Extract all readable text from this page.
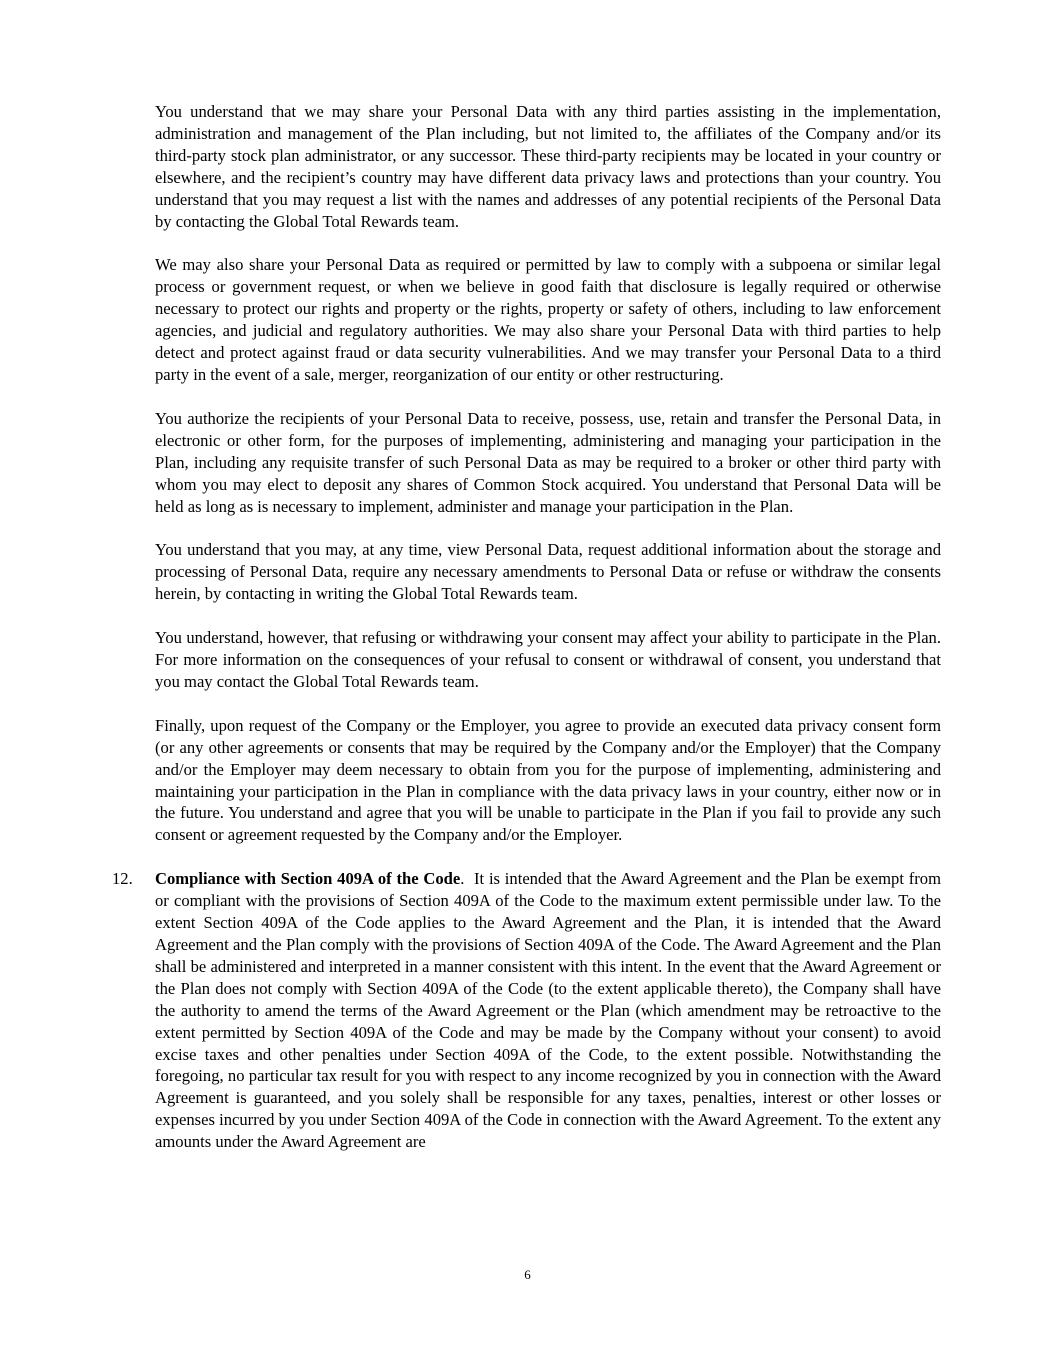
You understand that we may share your Personal Data with any third parties assisting in the implementation, administration and management of the Plan including, but not limited to, the affiliates of the Company and/or its third-party stock plan administrator, or any successor. These third-party recipients may be located in your country or elsewhere, and the recipient’s country may have different data privacy laws and protections than your country. You understand that you may request a list with the names and addresses of any potential recipients of the Personal Data by contacting the Global Total Rewards team.

We may also share your Personal Data as required or permitted by law to comply with a subpoena or similar legal process or government request, or when we believe in good faith that disclosure is legally required or otherwise necessary to protect our rights and property or the rights, property or safety of others, including to law enforcement agencies, and judicial and regulatory authorities. We may also share your Personal Data with third parties to help detect and protect against fraud or data security vulnerabilities. And we may transfer your Personal Data to a third party in the event of a sale, merger, reorganization of our entity or other restructuring.

You authorize the recipients of your Personal Data to receive, possess, use, retain and transfer the Personal Data, in electronic or other form, for the purposes of implementing, administering and managing your participation in the Plan, including any requisite transfer of such Personal Data as may be required to a broker or other third party with whom you may elect to deposit any shares of Common Stock acquired. You understand that Personal Data will be held as long as is necessary to implement, administer and manage your participation in the Plan.

You understand that you may, at any time, view Personal Data, request additional information about the storage and processing of Personal Data, require any necessary amendments to Personal Data or refuse or withdraw the consents herein, by contacting in writing the Global Total Rewards team.

You understand, however, that refusing or withdrawing your consent may affect your ability to participate in the Plan. For more information on the consequences of your refusal to consent or withdrawal of consent, you understand that you may contact the Global Total Rewards team.

Finally, upon request of the Company or the Employer, you agree to provide an executed data privacy consent form (or any other agreements or consents that may be required by the Company and/or the Employer) that the Company and/or the Employer may deem necessary to obtain from you for the purpose of implementing, administering and maintaining your participation in the Plan in compliance with the data privacy laws in your country, either now or in the future. You understand and agree that you will be unable to participate in the Plan if you fail to provide any such consent or agreement requested by the Company and/or the Employer.

12. Compliance with Section 409A of the Code. It is intended that the Award Agreement and the Plan be exempt from or compliant with the provisions of Section 409A of the Code to the maximum extent permissible under law. To the extent Section 409A of the Code applies to the Award Agreement and the Plan, it is intended that the Award Agreement and the Plan comply with the provisions of Section 409A of the Code. The Award Agreement and the Plan shall be administered and interpreted in a manner consistent with this intent. In the event that the Award Agreement or the Plan does not comply with Section 409A of the Code (to the extent applicable thereto), the Company shall have the authority to amend the terms of the Award Agreement or the Plan (which amendment may be retroactive to the extent permitted by Section 409A of the Code and may be made by the Company without your consent) to avoid excise taxes and other penalties under Section 409A of the Code, to the extent possible. Notwithstanding the foregoing, no particular tax result for you with respect to any income recognized by you in connection with the Award Agreement is guaranteed, and you solely shall be responsible for any taxes, penalties, interest or other losses or expenses incurred by you under Section 409A of the Code in connection with the Award Agreement. To the extent any amounts under the Award Agreement are
6
